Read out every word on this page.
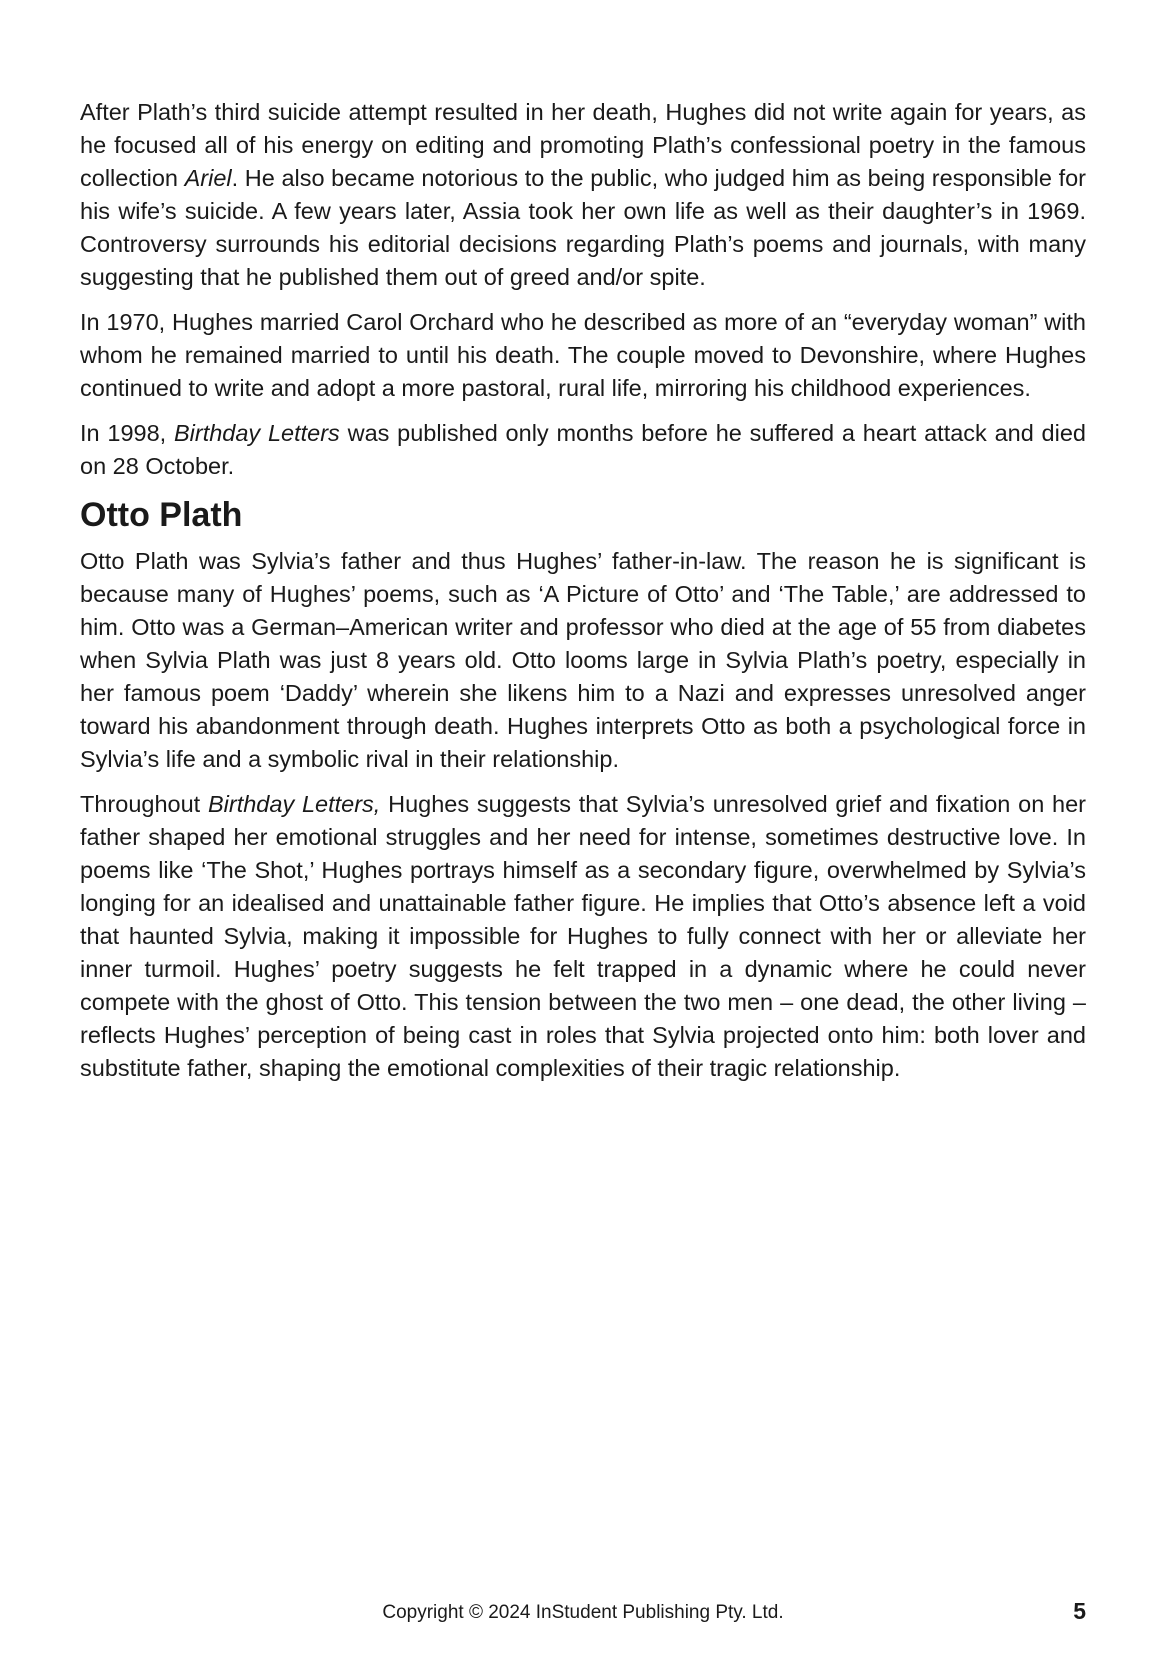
After Plath’s third suicide attempt resulted in her death, Hughes did not write again for years, as he focused all of his energy on editing and promoting Plath’s confessional poetry in the famous collection Ariel. He also became notorious to the public, who judged him as being responsible for his wife’s suicide. A few years later, Assia took her own life as well as their daughter’s in 1969. Controversy surrounds his editorial decisions regarding Plath’s poems and journals, with many suggesting that he published them out of greed and/or spite.

In 1970, Hughes married Carol Orchard who he described as more of an “everyday woman” with whom he remained married to until his death. The couple moved to Devonshire, where Hughes continued to write and adopt a more pastoral, rural life, mirroring his childhood experiences.

In 1998, Birthday Letters was published only months before he suffered a heart attack and died on 28 October.

Otto Plath

Otto Plath was Sylvia’s father and thus Hughes’ father-in-law. The reason he is significant is because many of Hughes’ poems, such as ‘A Picture of Otto’ and ‘The Table,’ are addressed to him. Otto was a German–American writer and professor who died at the age of 55 from diabetes when Sylvia Plath was just 8 years old. Otto looms large in Sylvia Plath’s poetry, especially in her famous poem ‘Daddy’ wherein she likens him to a Nazi and expresses unresolved anger toward his abandonment through death. Hughes interprets Otto as both a psychological force in Sylvia’s life and a symbolic rival in their relationship.

Throughout Birthday Letters, Hughes suggests that Sylvia’s unresolved grief and fixation on her father shaped her emotional struggles and her need for intense, sometimes destructive love. In poems like ‘The Shot,’ Hughes portrays himself as a secondary figure, overwhelmed by Sylvia’s longing for an idealised and unattainable father figure. He implies that Otto’s absence left a void that haunted Sylvia, making it impossible for Hughes to fully connect with her or alleviate her inner turmoil. Hughes’ poetry suggests he felt trapped in a dynamic where he could never compete with the ghost of Otto. This tension between the two men – one dead, the other living – reflects Hughes’ perception of being cast in roles that Sylvia projected onto him: both lover and substitute father, shaping the emotional complexities of their tragic relationship.

Copyright © 2024 InStudent Publishing Pty. Ltd.	5
